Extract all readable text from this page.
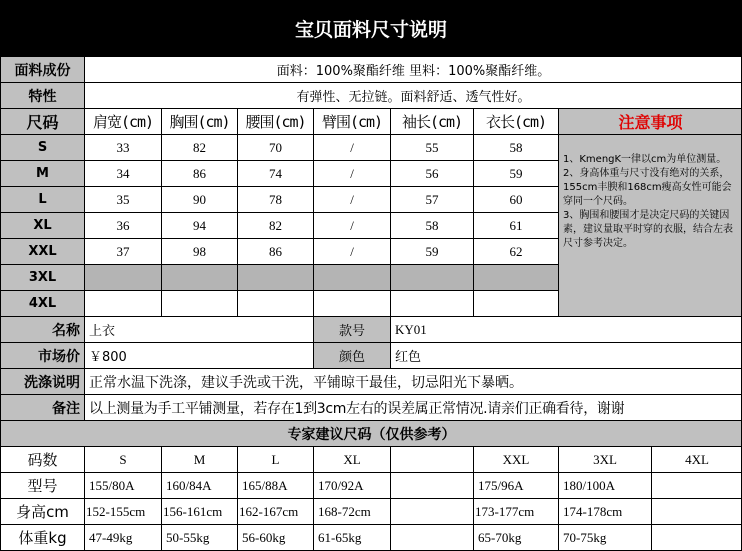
宝贝面料尺寸说明
面料成份	面料：100%聚酯纤维 里料：100%聚酯纤维。
特性	有弹性、无拉链。面料舒适、透气性好。
尺码	肩宽(cm)	胸围(cm)	腰围(cm)	臂围(cm)	袖长(cm)	衣长(cm)	注意事项
S	33	82	70	/	55	58
M	34	86	74	/	56	59
L	35	90	78	/	57	60
XL	36	94	82	/	58	61
XXL	37	98	86	/	59	62
3XL
4XL

1、KmengK一律以cm为单位测量。

2、身高体重与尺寸没有绝对的关系，155cm丰腴和168cm瘦高女性可能会穿同一个尺码。

3、胸围和腰围才是决定尺码的关键因素，建议量取平时穿的衣服，结合左表尺寸参考决定。

名称 上衣	款号	KY01
市场价 ￥800	颜色	红色
洗涤说明 正常水温下洗涤，建议手洗或干洗，平铺晾干最佳，切忌阳光下暴晒。
备注 以上测量为手工平铺测量，若存在1到3cm左右的误差属正常情况.请亲们正确看待，谢谢
专家建议尺码（仅供参考）
码数	S	M	L	XL	XXL	3XL	4XL
型号	155/80A	160/84A	165/88A	170/92A	175/96A	180/100A
身高cm	152-155cm	156-161cm	162-167cm	168-72cm	173-177cm	174-178cm
体重kg	47-49kg	50-55kg	56-60kg	61-65kg	65-70kg	70-75kg
